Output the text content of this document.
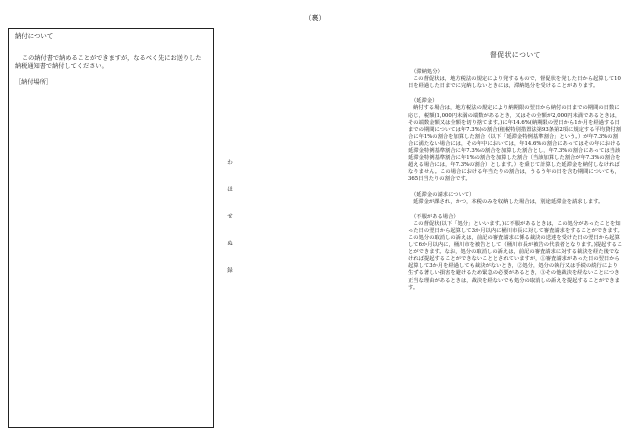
（裏）
納付について
この納付書で納めることができますが，なるべく先にお送りした納税通知書で納付してください。
［納付場所］
わ
ほ
せ
ぬ
録
督促状について
（滞納処分）
この督促状は，地方税法の規定により発するもので，督促状を発した日から起算して10日を経過した日までに完納しないときには，滞納処分を受けることがあります。
（延滞金）
納付する場合は，地方税法の規定により納期限の翌日から納付の日までの期間の日数に応じ，税額(1,000円未満の端数があるとき，又はその全額が2,000円未満であるときは，その端数金額又は全額を切り捨てます。)に年14.6%(納期限の翌日から1か月を経過する日までの期間については年7.3%)の割合(租税特別措置法第93条第2項に規定する平均貸付割合に年1%の割合を加算した割合（以下「延滞金特例基準割合」という。）が年7.3%の割合に満たない場合には，その年中においては，年14.6%の割合にあってはその年における延滞金特例基準割合に年7.3%の割合を加算した割合とし，年7.3%の割合にあっては当該延滞金特例基準割合に年1%の割合を加算した割合（当該加算した割合が年7.3%の割合を超える場合には，年7.3%の割合）とします。）を乗じて計算した延滞金を納付しなければなりません。この場合における年当たりの割合は，うるう年の日を含む期間についても，365日当たりの割合です。
（延滞金の請求について）
延滞金が課され，かつ，本税のみを収納した場合は，別途延滞金を請求します。
（不服がある場合）
この督促状(以下「処分」といいます。)に不服があるときは，この処分があったことを知った日の翌日から起算して3か月以内に桶川市長に対して審査請求をすることができます。この処分の取消しの訴えは，前記の審査請求に係る裁決の送達を受けた日の翌日から起算して6か月以内に，桶川市を被告として（桶川市長が被告の代表者となります。)提起することができます。なお，処分の取消しの訴えは，前記の審査請求に対する裁決を経た後でなければ提起することができないこととされていますが，①審査請求があった日の翌日から起算して3か月を経過しても裁決がないとき，②処分，処分の執行又は手続の続行により生ずる著しい損害を避けるため緊急の必要があるとき，③その他裁決を経ないことにつき正当な理由があるときは，裁決を経ないでも処分の取消しの訴えを提起することができます。
